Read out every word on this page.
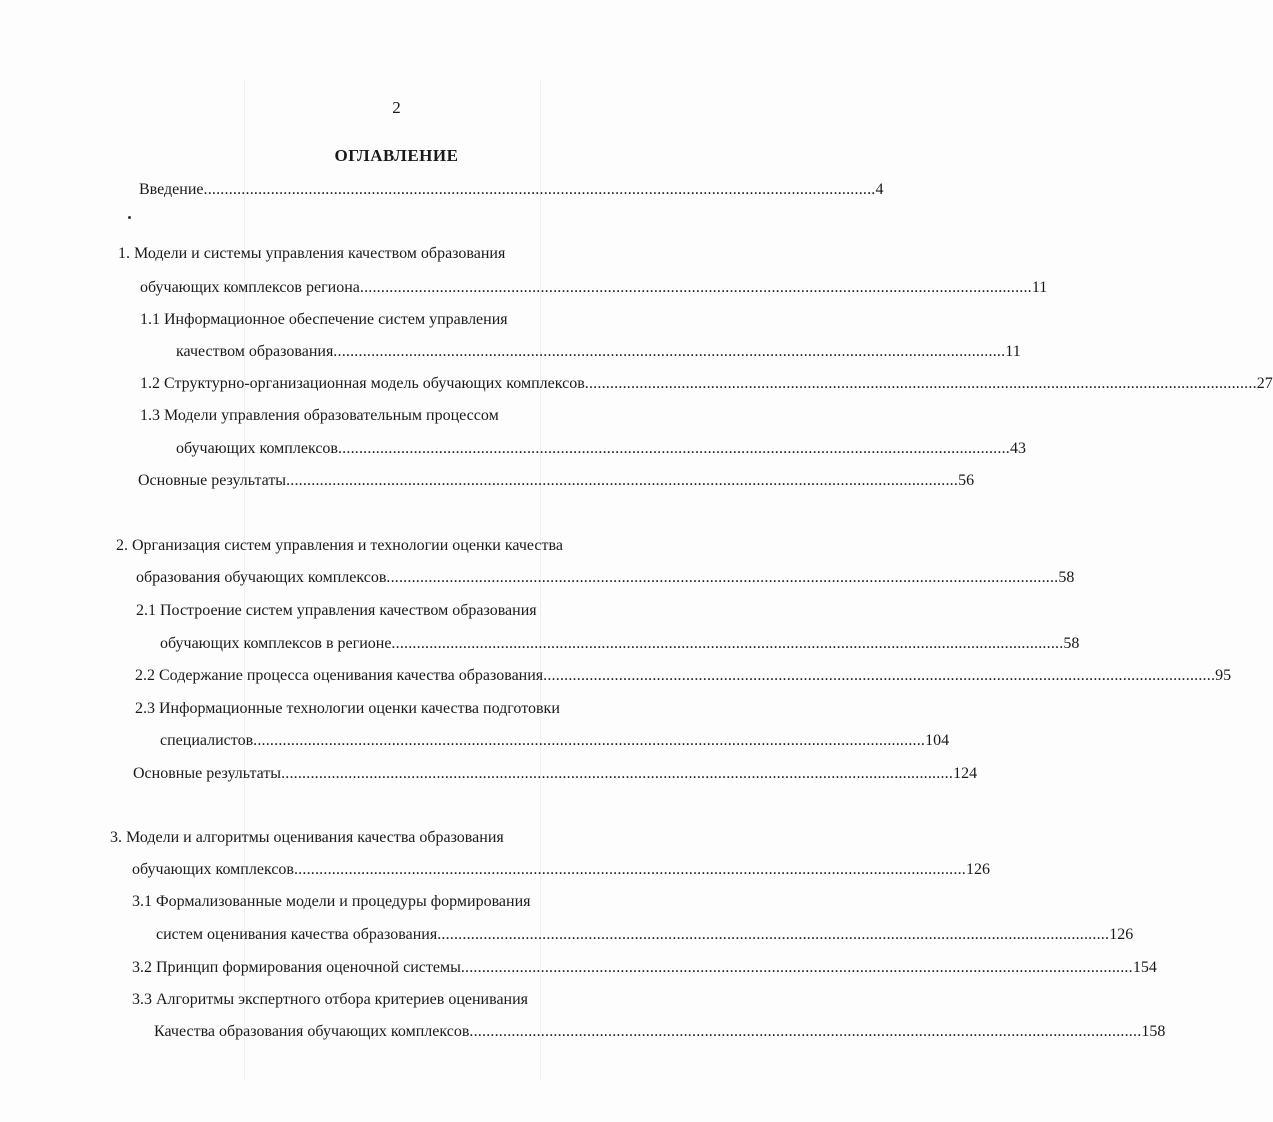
2
ОГЛАВЛЕНИЕ
Введение ................................................................................................................................................................ 4
1. Модели и системы управления качеством образования
обучающих комплексов региона ................................................................................................................................................................ 11
1.1 Информационное обеспечение систем управления
качеством образования ................................................................................................................................................................ 11
1.2 Структурно-организационная модель обучающих комплексов ................................................................................................................................................................ 27
1.3 Модели управления образовательным процессом
обучающих комплексов ................................................................................................................................................................ 43
Основные результаты ................................................................................................................................................................ 56
2. Организация систем управления и технологии оценки качества
образования обучающих комплексов ................................................................................................................................................................ 58
2.1 Построение систем управления качеством образования
обучающих комплексов в регионе ................................................................................................................................................................ 58
2.2 Содержание процесса оценивания качества образования ................................................................................................................................................................ 95
2.3 Информационные технологии оценки качества подготовки
специалистов ................................................................................................................................................................ 104
Основные результаты ................................................................................................................................................................ 124
3. Модели и алгоритмы оценивания качества образования
обучающих комплексов ................................................................................................................................................................ 126
3.1 Формализованные модели и процедуры формирования
систем оценивания качества образования ................................................................................................................................................................ 126
3.2 Принцип формирования оценочной системы ................................................................................................................................................................ 154
3.3 Алгоритмы экспертного отбора критериев оценивания
Качества образования обучающих комплексов ................................................................................................................................................................ 158
